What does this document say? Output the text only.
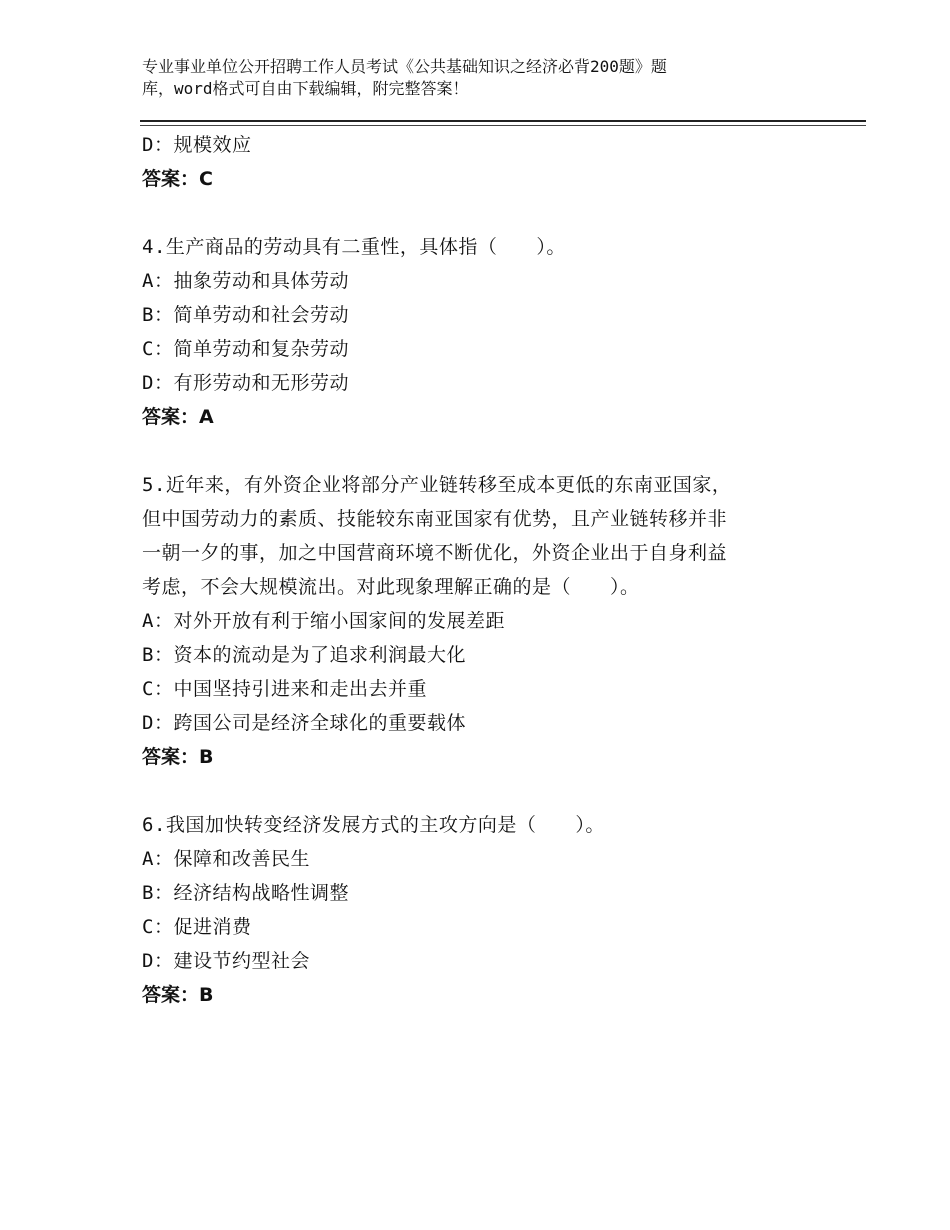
专业事业单位公开招聘工作人员考试《公共基础知识之经济必背200题》题
库，word格式可自由下载编辑，附完整答案！
D：规模效应
答案：C
4.生产商品的劳动具有二重性，具体指（　　）。
A：抽象劳动和具体劳动
B：简单劳动和社会劳动
C：简单劳动和复杂劳动
D：有形劳动和无形劳动
答案：A
5.近年来，有外资企业将部分产业链转移至成本更低的东南亚国家，
但中国劳动力的素质、技能较东南亚国家有优势，且产业链转移并非
一朝一夕的事，加之中国营商环境不断优化，外资企业出于自身利益
考虑，不会大规模流出。对此现象理解正确的是（　　）。
A：对外开放有利于缩小国家间的发展差距
B：资本的流动是为了追求利润最大化
C：中国坚持引进来和走出去并重
D：跨国公司是经济全球化的重要载体
答案：B
6.我国加快转变经济发展方式的主攻方向是（　　）。
A：保障和改善民生
B：经济结构战略性调整
C：促进消费
D：建设节约型社会
答案：B
